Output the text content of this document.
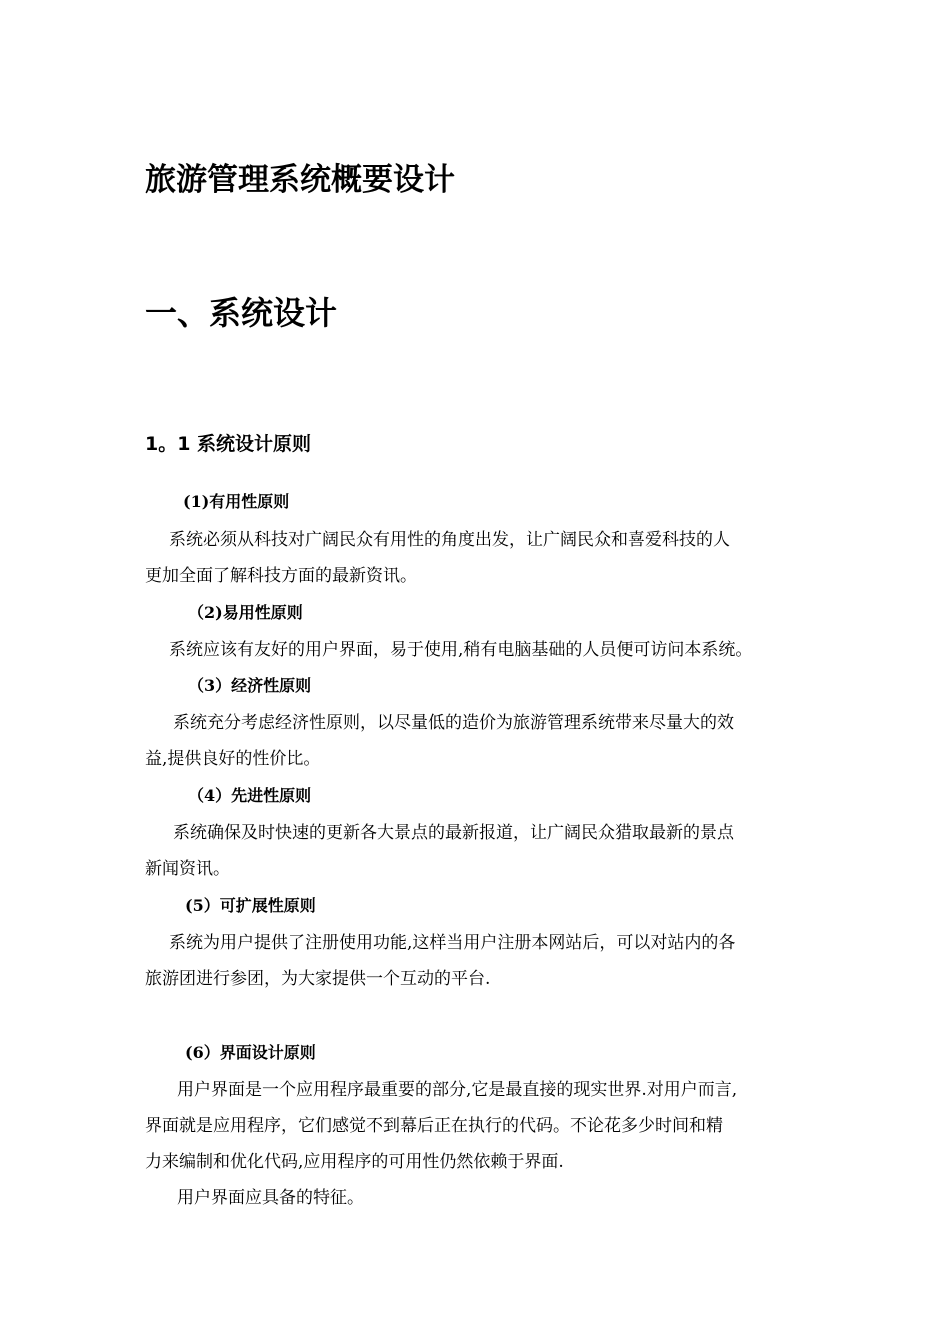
旅游管理系统概要设计
一、系统设计
1。1 系统设计原则
(1)有用性原则
系统必须从科技对广阔民众有用性的角度出发，让广阔民众和喜爱科技的人
更加全面了解科技方面的最新资讯。
（2)易用性原则
系统应该有友好的用户界面，易于使用,稍有电脑基础的人员便可访问本系统。
（3）经济性原则
系统充分考虑经济性原则，以尽量低的造价为旅游管理系统带来尽量大的效
益,提供良好的性价比。
（4）先进性原则
系统确保及时快速的更新各大景点的最新报道，让广阔民众猎取最新的景点
新闻资讯。
(5）可扩展性原则
系统为用户提供了注册使用功能,这样当用户注册本网站后，可以对站内的各
旅游团进行参团，为大家提供一个互动的平台.
(6）界面设计原则
用户界面是一个应用程序最重要的部分,它是最直接的现实世界.对用户而言,
界面就是应用程序，它们感觉不到幕后正在执行的代码。不论花多少时间和精
力来编制和优化代码,应用程序的可用性仍然依赖于界面.
用户界面应具备的特征。
